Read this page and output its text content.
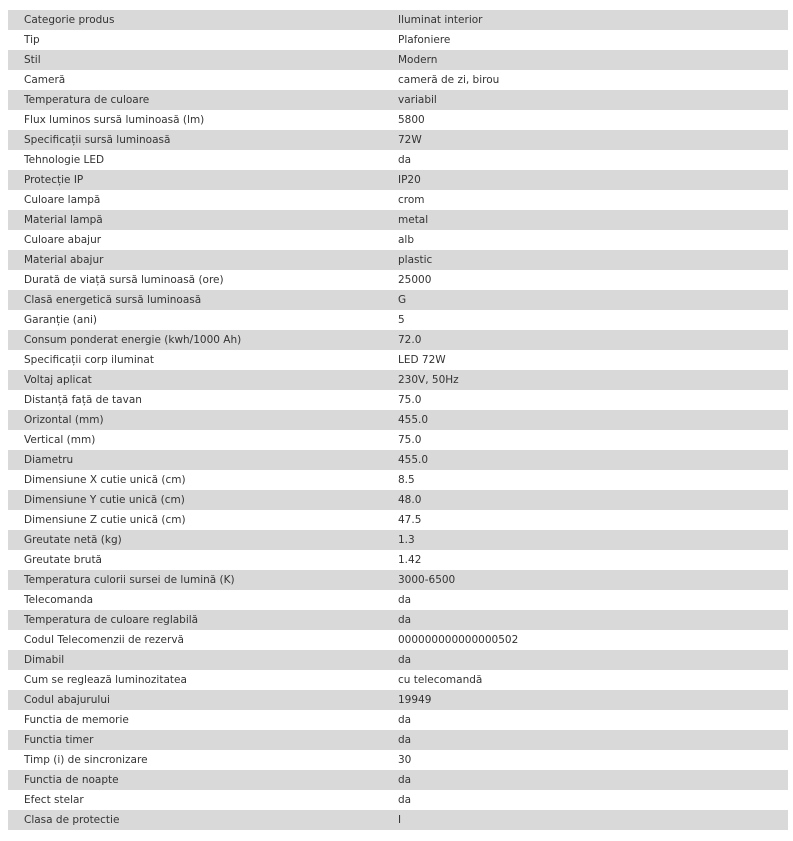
Categorie produs	Iluminat interior
Tip	Plafoniere
Stil	Modern
Cameră	cameră de zi, birou
Temperatura de culoare	variabil
Flux luminos sursă luminoasă (lm)	5800
Specificații sursă luminoasă	72W
Tehnologie LED	da
Protecție IP	IP20
Culoare lampă	crom
Material lampă	metal
Culoare abajur	alb
Material abajur	plastic
Durată de viață sursă luminoasă (ore)	25000
Clasă energetică sursă luminoasă	G
Garanție (ani)	5
Consum ponderat energie (kwh/1000 Ah)	72.0
Specificații corp iluminat	LED 72W
Voltaj aplicat	230V, 50Hz
Distanță față de tavan	75.0
Orizontal (mm)	455.0
Vertical (mm)	75.0
Diametru	455.0
Dimensiune X cutie unică (cm)	8.5
Dimensiune Y cutie unică (cm)	48.0
Dimensiune Z cutie unică (cm)	47.5
Greutate netă (kg)	1.3
Greutate brută	1.42
Temperatura culorii sursei de lumină (K)	3000-6500
Telecomanda	da
Temperatura de culoare reglabilă	da
Codul Telecomenzii de rezervă	000000000000000502
Dimabil	da
Cum se reglează luminozitatea	cu telecomandă
Codul abajurului	19949
Functia de memorie	da
Functia timer	da
Timp (i) de sincronizare	30
Functia de noapte	da
Efect stelar	da
Clasa de protectie	I
